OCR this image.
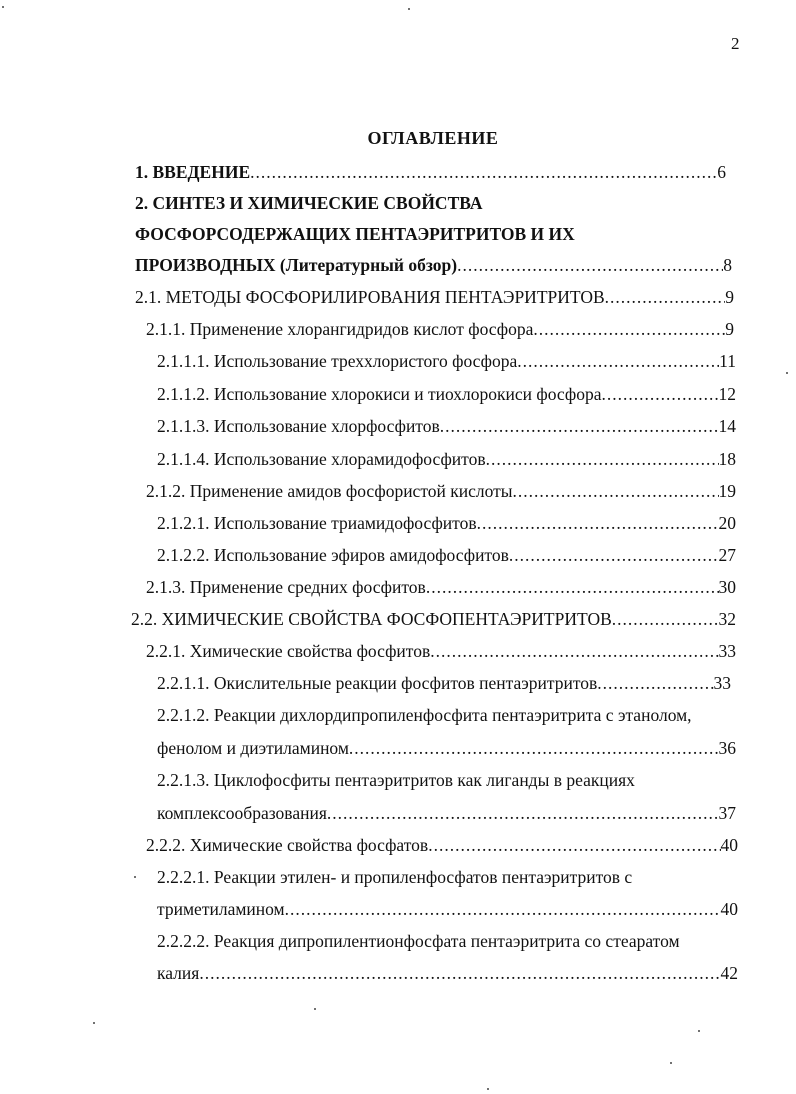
2
ОГЛАВЛЕНИЕ
1. ВВЕДЕНИЕ .....	6
2. СИНТЕЗ И ХИМИЧЕСКИЕ СВОЙСТВА
ФОСФОРСОДЕРЖАЩИХ ПЕНТАЭРИТРИТОВ И ИХ
ПРОИЗВОДНЫХ (Литературный обзор) .....	8
2.1. МЕТОДЫ ФОСФОРИЛИРОВАНИЯ ПЕНТАЭРИТРИТОВ .....	9
2.1.1. Применение хлорангидридов кислот фосфора .....	9
2.1.1.1. Использование треххлористого фосфора .....	11
2.1.1.2. Использование хлорокиси и тиохлорокиси фосфора .....	12
2.1.1.3. Использование хлорфосфитов .....	14
2.1.1.4. Использование хлорамидофосфитов .....	18
2.1.2. Применение амидов фосфористой кислоты .....	19
2.1.2.1. Использование триамидофосфитов .....	20
2.1.2.2. Использование эфиров амидофосфитов .....	27
2.1.3. Применение средних фосфитов .....	30
2.2. ХИМИЧЕСКИЕ СВОЙСТВА ФОСФОПЕНТАЭРИТРИТОВ .....	32
2.2.1. Химические свойства фосфитов .....	33
2.2.1.1. Окислительные реакции фосфитов пентаэритритов .....	33
2.2.1.2. Реакции дихлордипропиленфосфита пентаэритрита с этанолом,
фенолом и диэтиламином .....	36
2.2.1.3. Циклофосфиты пентаэритритов как лиганды в реакциях
комплексообразования .....	37
2.2.2. Химические свойства фосфатов .....	40
2.2.2.1. Реакции этилен- и пропиленфосфатов пентаэритритов с
триметиламином .....	40
2.2.2.2. Реакция дипропилентионфосфата пентаэритрита со стеаратом
калия .....	42
